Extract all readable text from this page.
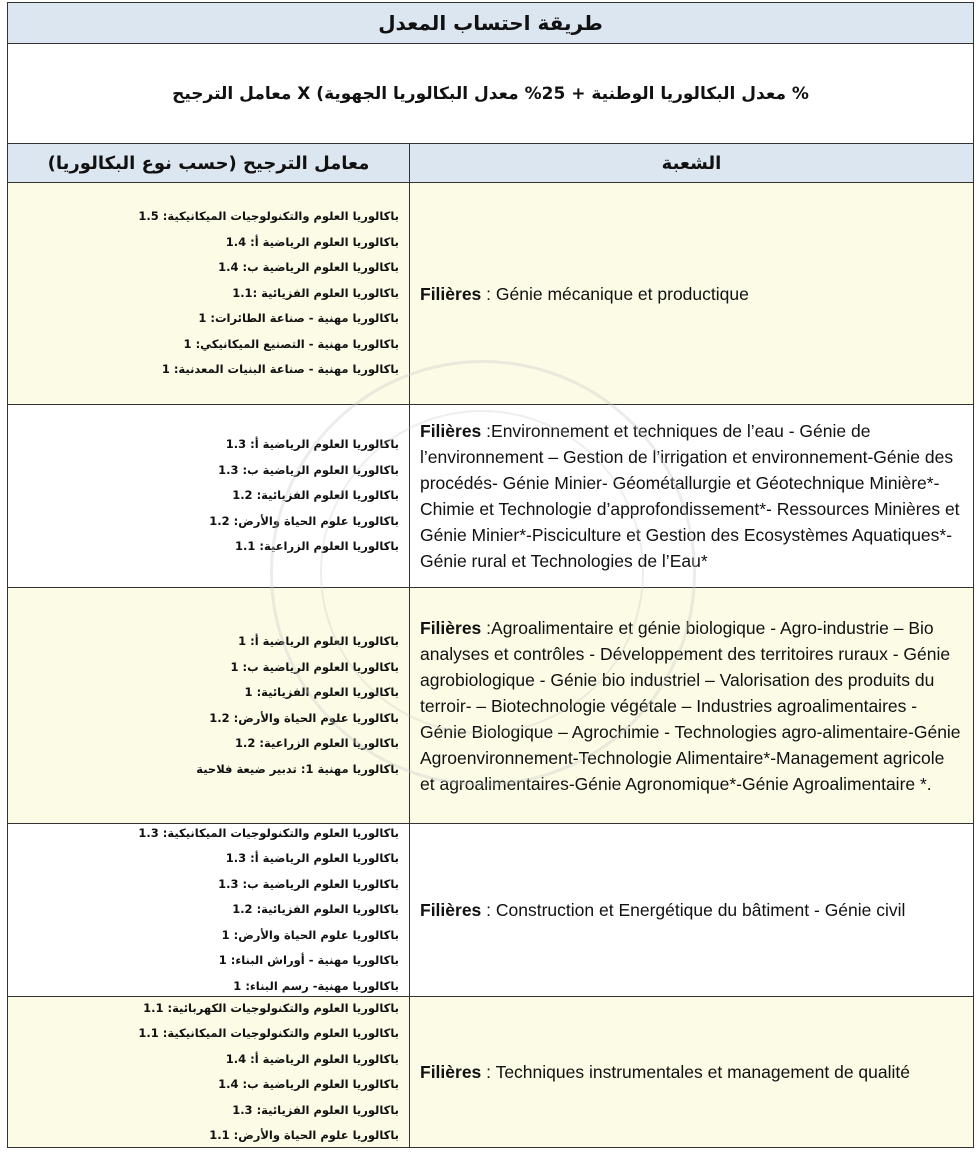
طريقة احتساب المعدل
% معدل البكالوريا الوطنية + 25% معدل البكالوريا الجهوية) X معامل الترجيح
معامل الترجيح (حسب نوع البكالوريا)	الشعبة
باكالوريا العلوم والتكنولوجيات الميكانيكية: 1.5
باكالوريا العلوم الرياضية أ: 1.4
باكالوريا العلوم الرياضية ب: 1.4
باكالوريا العلوم الفزيائية :1.1
باكالوريا مهنية - صناعة الطائرات: 1
باكالوريا مهنية - التصنيع الميكانيكي: 1
باكالوريا مهنية - صناعة البنيات المعدنية: 1

Filières : Génie mécanique et productique

باكالوريا العلوم الرياضية أ: 1.3
باكالوريا العلوم الرياضية ب: 1.3
باكالوريا العلوم الفزيائية: 1.2
باكالوريا علوم الحياة والأرض: 1.2
باكالوريا العلوم الزراعية: 1.1

Filières :Environnement et techniques de l’eau - Génie de l’environnement – Gestion de l’irrigation et environnement-Génie des procédés- Génie Minier- Géométallurgie et Géotechnique Minière*- Chimie et Technologie d’approfondissement*- Ressources Minières et Génie Minier*-Pisciculture et Gestion des Ecosystèmes Aquatiques*-Génie rural et Technologies de l’Eau*

باكالوريا العلوم الرياضية أ: 1
باكالوريا العلوم الرياضية ب: 1
باكالوريا العلوم الفزيائية: 1
باكالوريا علوم الحياة والأرض: 1.2
باكالوريا العلوم الزراعية: 1.2
باكالوريا مهنية 1: تدبير ضيعة فلاحية

Filières :Agroalimentaire et génie biologique - Agro-industrie – Bio analyses et contrôles - Développement des territoires ruraux - Génie agrobiologique - Génie bio industriel – Valorisation des produits du terroir- – Biotechnologie végétale – Industries agroalimentaires - Génie Biologique – Agrochimie - Technologies agro-alimentaire-Génie Agroenvironnement-Technologie Alimentaire*-Management agricole et agroalimentaires-Génie Agronomique*-Génie Agroalimentaire *.

باكالوريا العلوم والتكنولوجيات الميكانيكية: 1.3
باكالوريا العلوم الرياضية أ: 1.3
باكالوريا العلوم الرياضية ب: 1.3
باكالوريا العلوم الفزيائية: 1.2
باكالوريا علوم الحياة والأرض: 1
باكالوريا مهنية - أوراش البناء: 1
باكالوريا مهنية- رسم البناء: 1

Filières : Construction et Energétique du bâtiment - Génie civil

باكالوريا العلوم والتكنولوجيات الكهربائية: 1.1
باكالوريا العلوم والتكنولوجيات الميكانيكية: 1.1
باكالوريا العلوم الرياضية أ: 1.4
باكالوريا العلوم الرياضية ب: 1.4
باكالوريا العلوم الفزيائية: 1.3
باكالوريا علوم الحياة والأرض: 1.1

Filières : Techniques instrumentales et management de qualité
